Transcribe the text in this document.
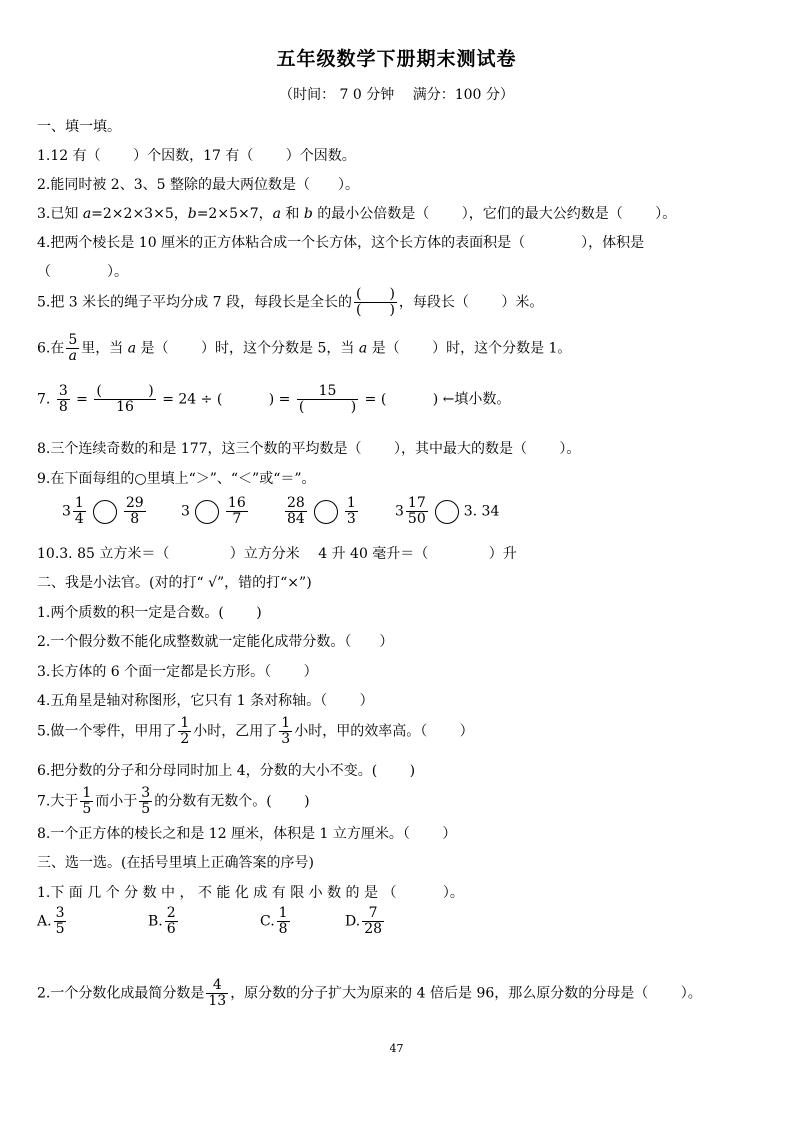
五年级数学下册期末测试卷
（时间： 7 0 分钟　 满分：100 分）
一、填一填。
1.12 有（　　 ）个因数，17 有（　　 ）个因数。
2.能同时被 2、3、5 整除的最大两位数是（　　）。
3.已知 a=2×2×3×5，b=2×5×7，a 和 b 的最小公倍数是（　　 ），它们的最大公约数是（　　 ）。
4.把两个棱长是 10 厘米的正方体粘合成一个长方体，这个长方体的表面积是（　　　　），体积是
（　　　　）。
5.把 3 米长的绳子平均分成 7 段，每段长是全长的 $\frac{( )}{( )}$ ，每段长（　　 ）米。
6.在 $\frac{5}{a}$ 里，当 a 是（　　 ）时，这个分数是 5，当 a 是（　　 ）时，这个分数是 1。
7. $\frac{3}{8} = \frac{( )}{16} = 24$ ÷ (　　　 ) = $\frac{15}{( )}$ = (　　　 ) ←填小数。
8.三个连续奇数的和是 177，这三个数的平均数是（　　 ），其中最大的数是（　　 ）。
9.在下面每组的○里填上“＞”、“＜”或“＝”。
$3 \frac{1}{4}$	$\frac{29}{8}$	3	$\frac{16}{7}$	$\frac{28}{84}$	$\frac{1}{3}$	$3 \frac{17}{50}$	3. 34
10.3. 85 立方米＝（　　　　 ）立方分米　 4 升 40 毫升＝（　　　　 ）升
二、我是小法官。(对的打“ √”，错的打“×”)
1.两个质数的积一定是合数。(　　 )
2.一个假分数不能化成整数就一定能化成带分数。（　　）
3.长方体的 6 个面一定都是长方形。（　　 ）
4.五角星是轴对称图形，它只有 1 条对称轴。（　　 ）
5.做一个零件，甲用了 $\frac{1}{2}$ 小时，乙用了 $\frac{1}{3}$ 小时，甲的效率高。（　　 ）
6.把分数的分子和分母同时加上 4，分数的大小不变。(　　 )
7.大于 $\frac{1}{5}$ 而小于 $\frac{3}{5}$ 的分数有无数个。(　　 )
8.一个正方体的棱长之和是 12 厘米，体积是 1 立方厘米。（　　 ）
三、选一选。(在括号里填上正确答案的序号)
1.下 面 几 个 分 数 中 ， 不 能 化 成 有 限 小 数 的 是 （　　　 ）。
A. $\frac{3}{5}$	B. $\frac{2}{6}$	C. $\frac{1}{8}$	D. $\frac{7}{28}$
2.一个分数化成最简分数是 $\frac{4}{13}$ ，原分数的分子扩大为原来的 4 倍后是 96，那么原分数的分母是（　　 ）。
47
